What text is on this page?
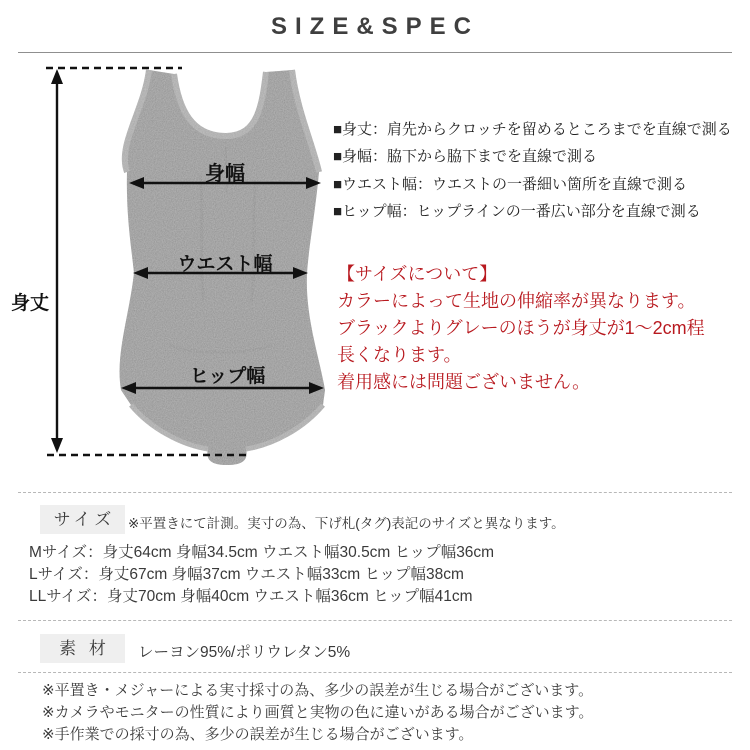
SIZE&SPEC
身丈
身幅
ウエスト幅
ヒップ幅
■身丈：肩先からクロッチを留めるところまでを直線で測る
■身幅：脇下から脇下までを直線で測る
■ウエスト幅：ウエストの一番細い箇所を直線で測る
■ヒップ幅：ヒップラインの一番広い部分を直線で測る
【サイズについて】
カラーによって生地の伸縮率が異なります。
ブラックよりグレーのほうが身丈が1〜2cm程
長くなります。
着用感には問題ございません。
サイズ ※平置きにて計測。実寸の為、下げ札(タグ)表記のサイズと異なります。
Mサイズ：身丈64cm 身幅34.5cm ウエスト幅30.5cm ヒップ幅36cm
Lサイズ：身丈67cm 身幅37cm ウエスト幅33cm ヒップ幅38cm
LLサイズ：身丈70cm 身幅40cm ウエスト幅36cm ヒップ幅41cm
素 材	レーヨン95%/ポリウレタン5%
※平置き・メジャーによる実寸採寸の為、多少の誤差が生じる場合がございます。
※カメラやモニターの性質により画質と実物の色に違いがある場合がございます。
※手作業での採寸の為、多少の誤差が生じる場合がございます。
